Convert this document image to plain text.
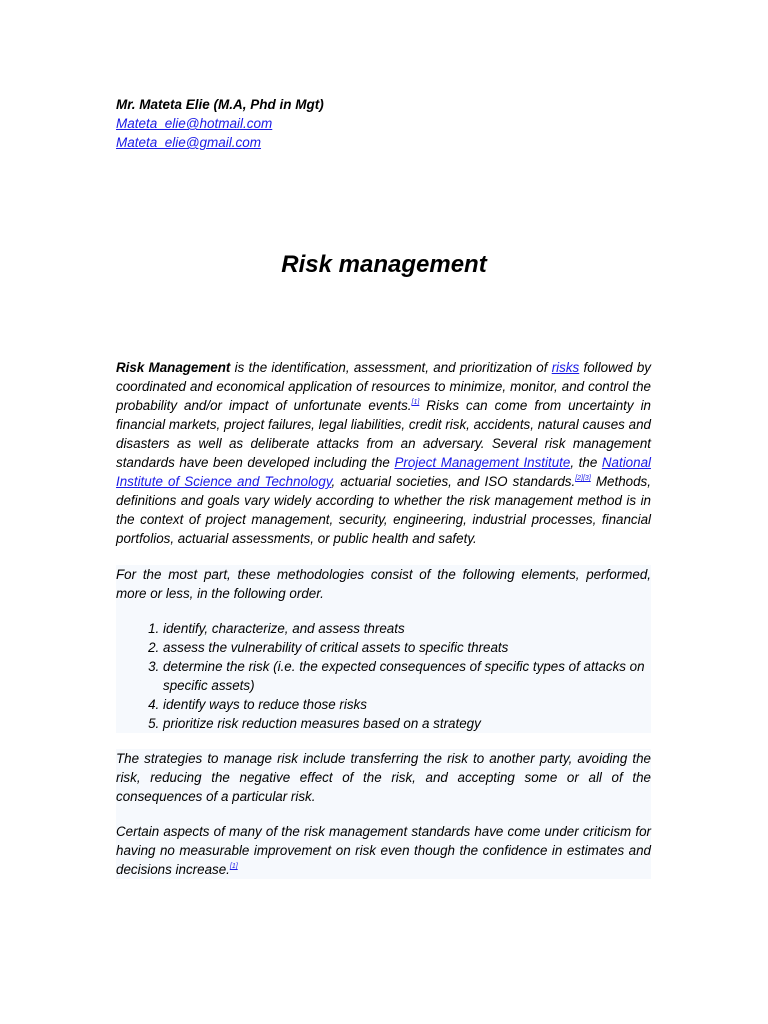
Mr. Mateta Elie (M.A, Phd in Mgt)
Mateta_elie@hotmail.com
Mateta_elie@gmail.com
Risk management

Risk Management is the identification, assessment, and prioritization of risks followed by coordinated and economical application of resources to minimize, monitor, and control the probability and/or impact of unfortunate events.[1] Risks can come from uncertainty in financial markets, project failures, legal liabilities, credit risk, accidents, natural causes and disasters as well as deliberate attacks from an adversary. Several risk management standards have been developed including the Project Management Institute, the National Institute of Science and Technology, actuarial societies, and ISO standards.[2][3] Methods, definitions and goals vary widely according to whether the risk management method is in the context of project management, security, engineering, industrial processes, financial portfolios, actuarial assessments, or public health and safety.

For the most part, these methodologies consist of the following elements, performed, more or less, in the following order.

1. identify, characterize, and assess threats
2. assess the vulnerability of critical assets to specific threats
3. determine the risk (i.e. the expected consequences of specific types of attacks on specific assets)
4. identify ways to reduce those risks
5. prioritize risk reduction measures based on a strategy

The strategies to manage risk include transferring the risk to another party, avoiding the risk, reducing the negative effect of the risk, and accepting some or all of the consequences of a particular risk.

Certain aspects of many of the risk management standards have come under criticism for having no measurable improvement on risk even though the confidence in estimates and decisions increase.[1]
